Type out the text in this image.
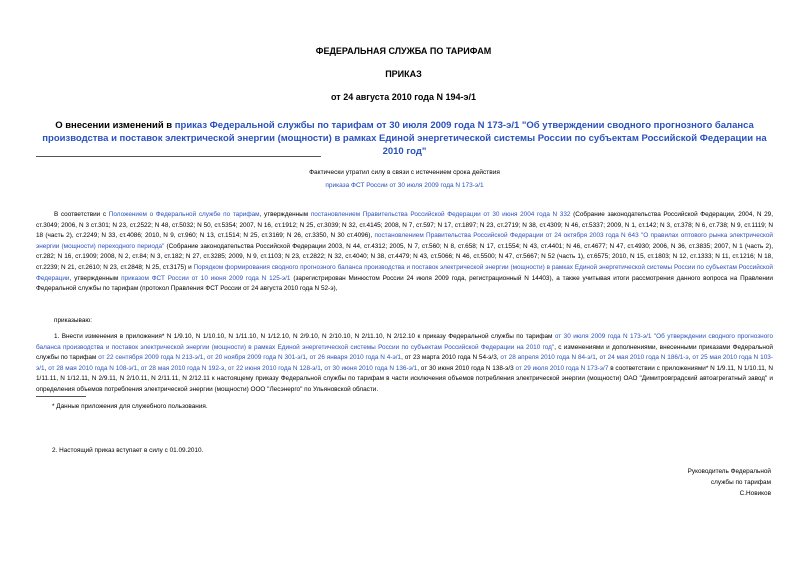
ФЕДЕРАЛЬНАЯ СЛУЖБА ПО ТАРИФАМ
ПРИКАЗ
от 24 августа 2010 года N 194-э/1
О внесении изменений в приказ Федеральной службы по тарифам от 30 июля 2009 года N 173-э/1 "Об утверждении сводного прогнозного баланса производства и поставок электрической энергии (мощности) в рамках Единой энергетической системы России по субъектам Российской Федерации на 2010 год"
Фактически утратил силу в связи с истечением срока действия
приказа ФСТ России от 30 июля 2009 года N 173-э/1
В соответствии с Положением о Федеральной службе по тарифам, утвержденным постановлением Правительства Российской Федерации от 30 июня 2004 года N 332 (Собрание законодательства Российской Федерации, 2004, N 29, ст.3049; 2006, N 3 ст.301; N 23, ст.2522; N 48, ст.5032; N 50, ст.5354; 2007, N 16, ст.1912; N 25, ст.3039; N 32, ст.4145; 2008, N 7, ст.597; N 17, ст.1897; N 23, ст.2719; N 38, ст.4309; N 46, ст.5337; 2009, N 1, ст.142; N 3, ст.378; N 6, ст.738; N 9, ст.1119; N 18 (часть 2), ст.2249; N 33, ст.4086; 2010, N 9, ст.960; N 13, ст.1514; N 25, ст.3169; N 26, ст.3350, N 30 ст.4096), постановлением Правительства Российской Федерации от 24 октября 2003 года N 643 "О правилах оптового рынка электрической энергии (мощности) переходного периода" (Собрание законодательства Российской Федерации 2003, N 44, ст.4312; 2005, N 7, ст.560; N 8, ст.658; N 17, ст.1554; N 43, ст.4401; N 46, ст.4677; N 47, ст.4930; 2006, N 36, ст.3835; 2007, N 1 (часть 2), ст.282; N 16, ст.1909; 2008, N 2, ст.84; N 3, ст.182; N 27, ст.3285; 2009, N 9, ст.1103; N 23, ст.2822; N 32, ст.4040; N 38, ст.4479; N 43, ст.5066; N 46, ст.5500; N 47, ст.5667; N 52 (часть 1), ст.6575; 2010, N 15, ст.1803; N 12, ст.1333; N 11, ст.1216; N 18, ст.2239; N 21, ст.2610; N 23, ст.2848; N 25, ст.3175) и Порядком формирования сводного прогнозного баланса производства и поставок электрической энергии (мощности) в рамках Единой энергетической системы России по субъектам Российской Федерации, утвержденным приказом ФСТ России от 10 июня 2009 года N 125-э/1 (зарегистрирован Минюстом России 24 июля 2009 года, регистрационный N 14403), а также учитывая итоги рассмотрения данного вопроса на Правлении Федеральной службы по тарифам (протокол Правления ФСТ России от 24 августа 2010 года N 52-э),
приказываю:
1. Внести изменения в приложения* N 1/9.10, N 1/10.10, N 1/11.10, N 1/12.10, N 2/9.10, N 2/10.10, N 2/11.10, N 2/12.10 к приказу Федеральной службы по тарифам от 30 июля 2009 года N 173-э/1 "Об утверждении сводного прогнозного баланса производства и поставок электрической энергии (мощности) в рамках Единой энергетической системы России по субъектам Российской Федерации на 2010 год", с изменениями и дополнениями, внесенными приказами Федеральной службы по тарифам от 22 сентября 2009 года N 213-э/1, от 20 ноября 2009 года N 301-э/1, от 26 января 2010 года N 4-э/1, от 23 марта 2010 года N 54-э/3, от 28 апреля 2010 года N 84-э/1, от 24 мая 2010 года N 186/1-э, от 25 мая 2010 года N 103-э/1, от 28 мая 2010 года N 108-э/1, от 28 мая 2010 года N 192-э, от 22 июня 2010 года N 128-э/1, от 30 июня 2010 года N 136-э/1, от 30 июня 2010 года N 138-э/3 от 29 июля 2010 года N 173-э/7 в соответствии с приложениями* N 1/9.11, N 1/10.11, N 1/11.11, N 1/12.11, N 2/9.11, N 2/10.11, N 2/11.11, N 2/12.11 к настоящему приказу Федеральной службы по тарифам в части исключения объемов потребления электрической энергии (мощности) ОАО "Димитровградский автоагрегатный завод" и определения объемов потребления электрической энергии (мощности) ООО "Лесэнерго" по Ульяновской области.
* Данные приложения для служебного пользования.
2. Настоящий приказ вступает в силу с 01.09.2010.
Руководитель Федеральной
службы по тарифам
С.Новиков
